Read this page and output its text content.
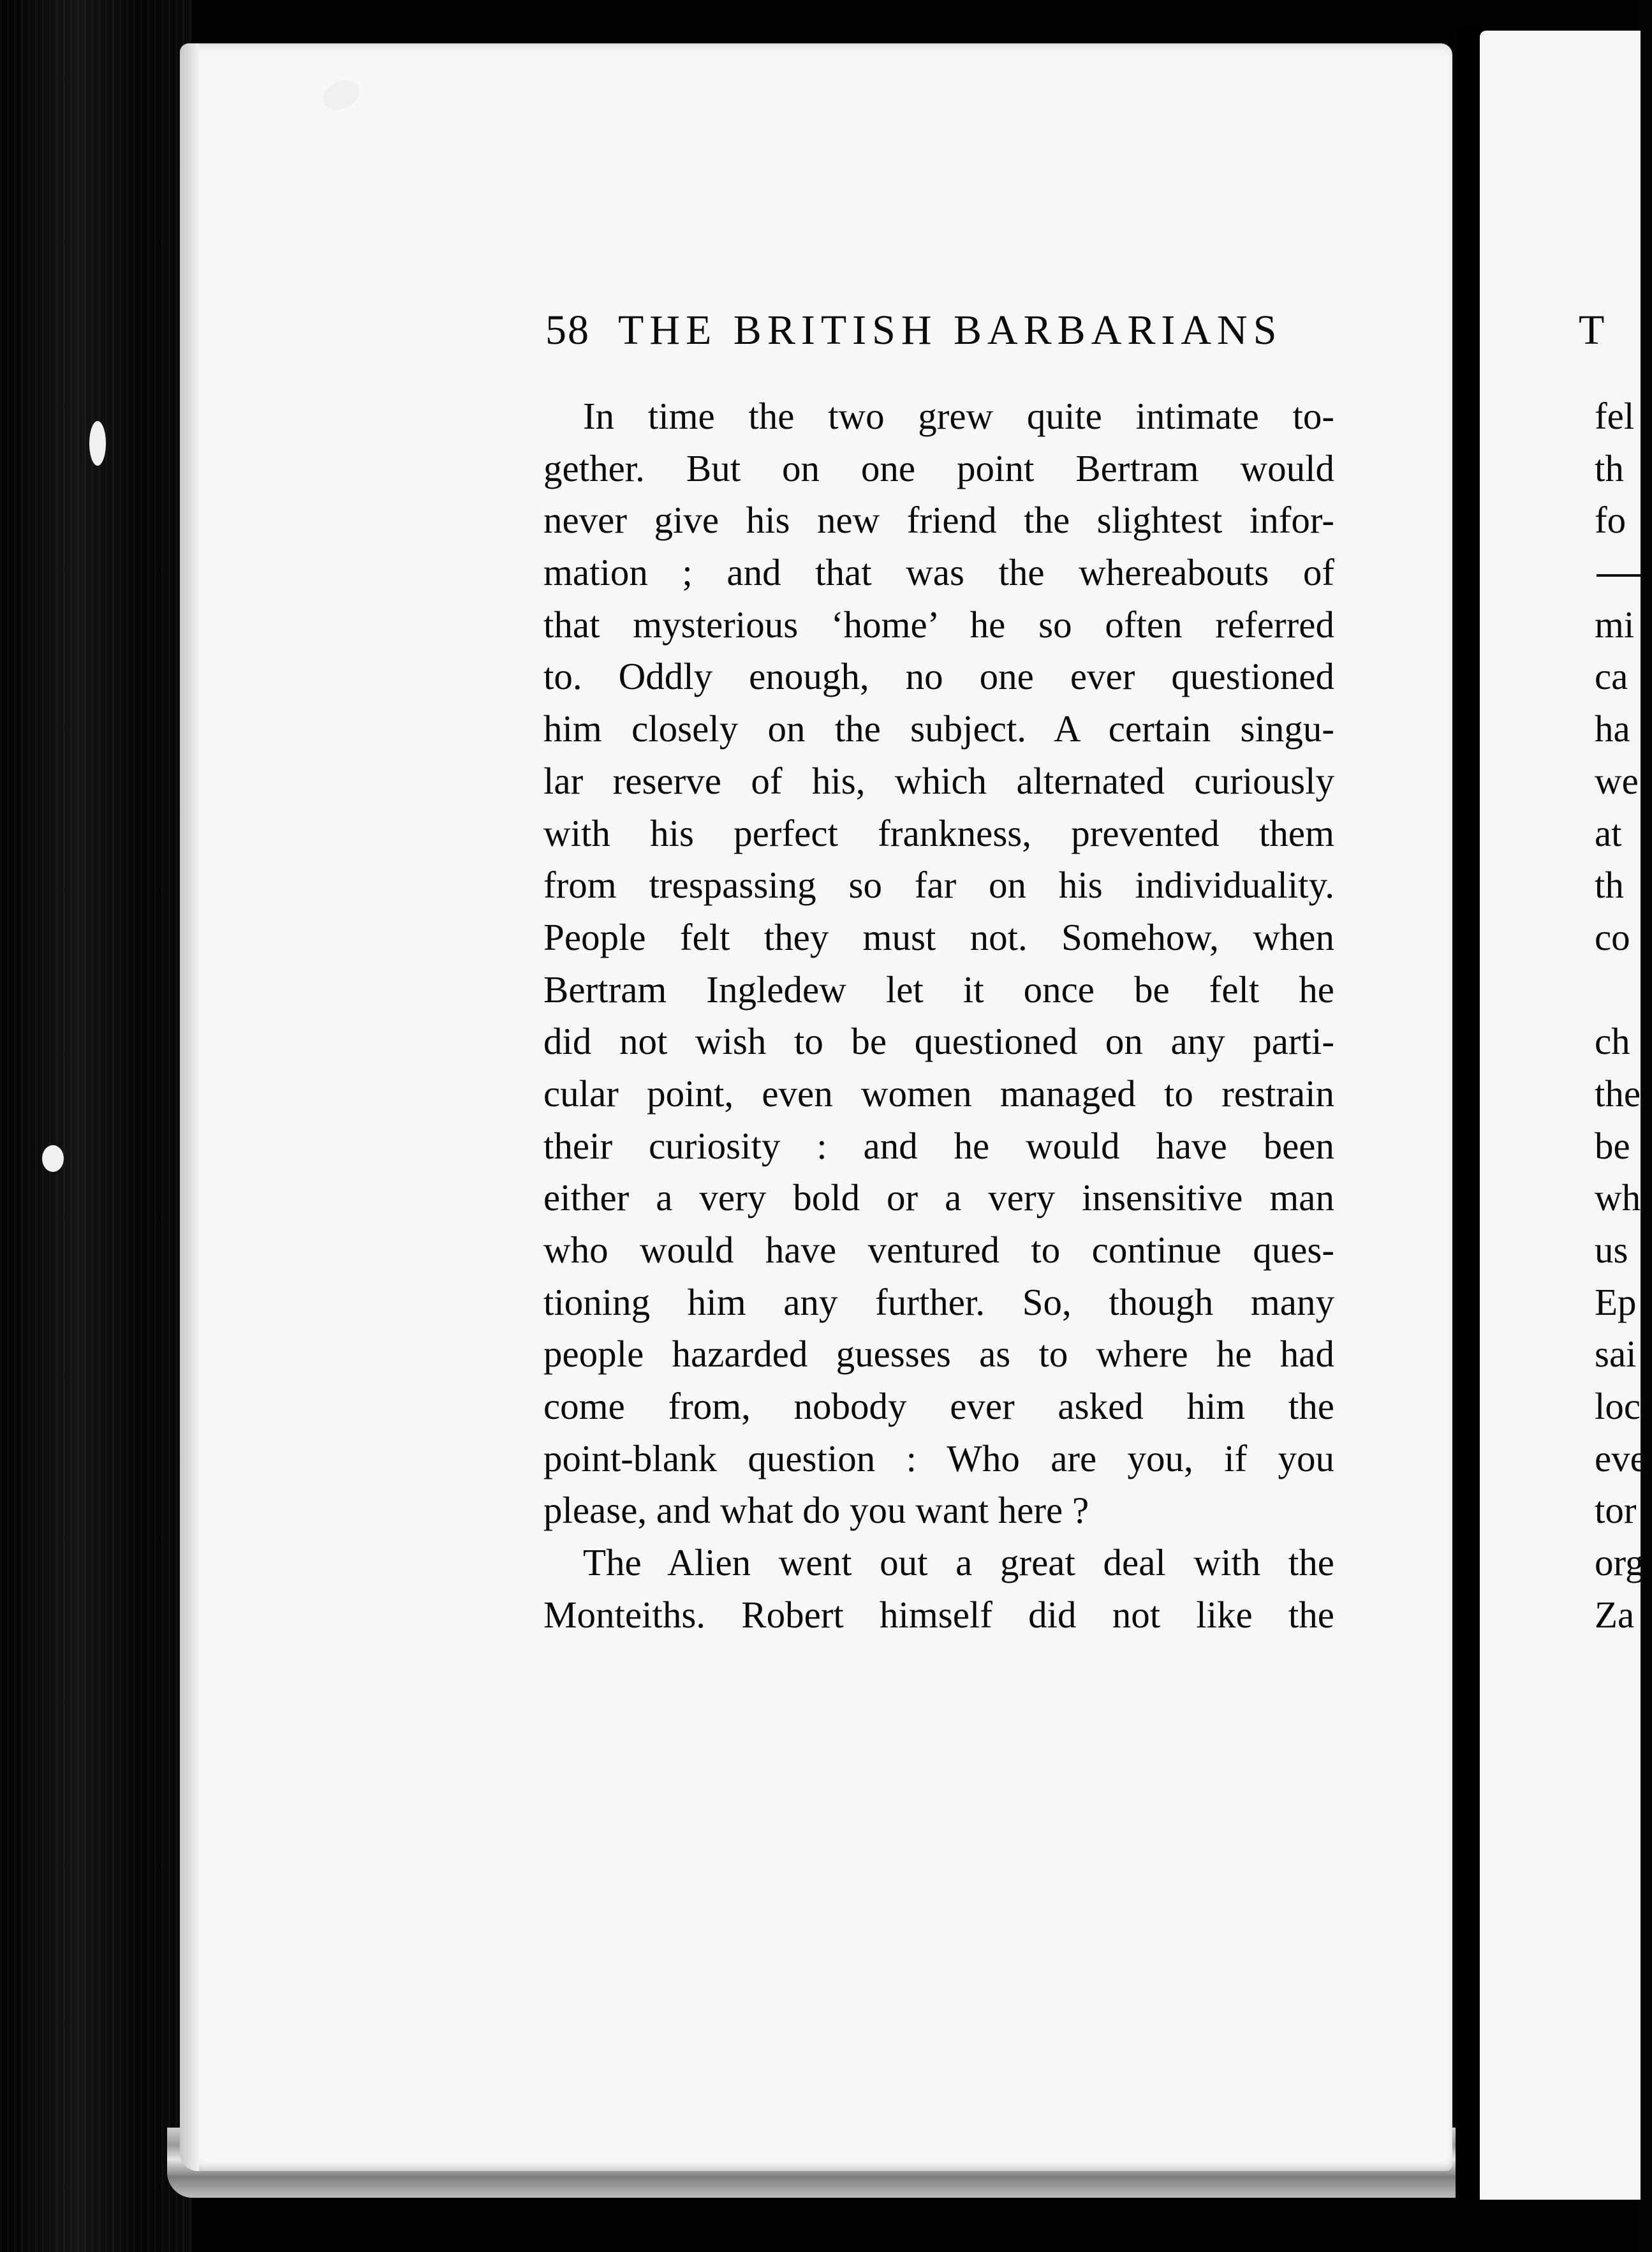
58 THE BRITISH BARBARIANS
In time the two grew quite intimate to-
gether. But on one point Bertram would
never give his new friend the slightest infor-
mation ; and that was the whereabouts of
that mysterious ‘home’ he so often referred
to. Oddly enough, no one ever questioned
him closely on the subject. A certain singu-
lar reserve of his, which alternated curiously
with his perfect frankness, prevented them
from trespassing so far on his individuality.
People felt they must not. Somehow, when
Bertram Ingledew let it once be felt he
did not wish to be questioned on any parti-
cular point, even women managed to restrain
their curiosity : and he would have been
either a very bold or a very insensitive man
who would have ventured to continue ques-
tioning him any further. So, though many
people hazarded guesses as to where he had
come from, nobody ever asked him the
point-blank question : Who are you, if you
please, and what do you want here ?
The Alien went out a great deal with the
Monteiths. Robert himself did not like the
T
fel
th
fo
mi
ca
ha
we
at
th
co
ch
the
be
wh
us
Ep
sai
loc
eve
tor
org
Za
